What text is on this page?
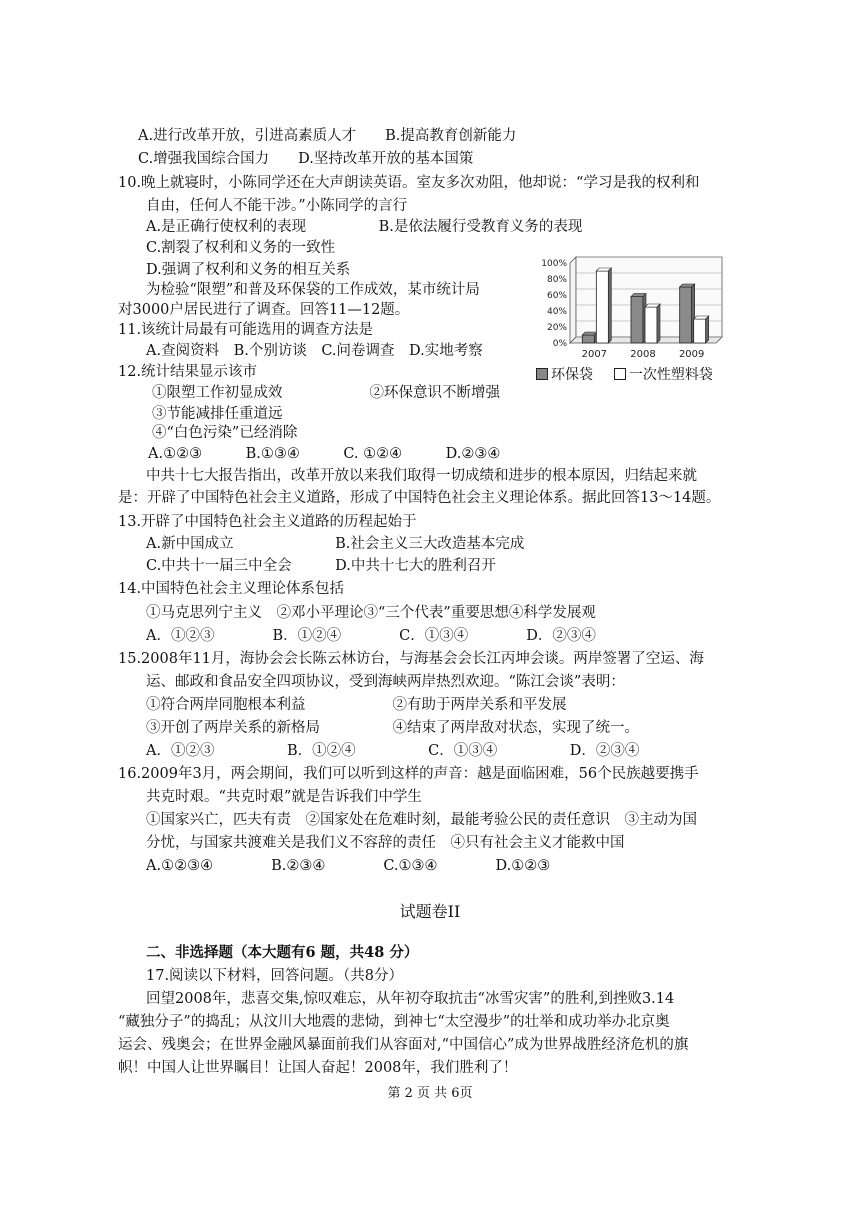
A.进行改革开放，引进高素质人才　　B.提高教育创新能力
C.增强我国综合国力　　D.坚持改革开放的基本国策
10.晚上就寝时，小陈同学还在大声朗读英语。室友多次劝阻，他却说：“学习是我的权利和
自由，任何人不能干涉。”小陈同学的言行
A.是正确行使权利的表现　　　　　B.是依法履行受教育义务的表现
C.割裂了权利和义务的一致性
D.强调了权利和义务的相互关系
为检验“限塑”和普及环保袋的工作成效，某市统计局
对3000户居民进行了调查。回答11—12题。
11.该统计局最有可能选用的调查方法是
A.查阅资料　B.个别访谈　C.问卷调查　D.实地考察
12.统计结果显示该市
①限塑工作初显成效　　　　　　②环保意识不断增强
③节能减排任重道远
④“白色污染”已经消除
A.①②③　　　B.①③④　　　C. ①②④　　　D.②③④
中共十七大报告指出，改革开放以来我们取得一切成绩和进步的根本原因，归结起来就
是：开辟了中国特色社会主义道路，形成了中国特色社会主义理论体系。据此回答13～14题。
13.开辟了中国特色社会主义道路的历程起始于
A.新中国成立　　　　　　　B.社会主义三大改造基本完成
C.中共十一届三中全会　　　D.中共十七大的胜利召开
14.中国特色社会主义理论体系包括
①马克思列宁主义　②邓小平理论③“三个代表”重要思想④科学发展观
A．①②③　　　　B．①②④　　　　C．①③④　　　　D．②③④
15.2008年11月，海协会会长陈云林访台，与海基会会长江丙坤会谈。两岸签署了空运、海
运、邮政和食品安全四项协议，受到海峡两岸热烈欢迎。“陈江会谈”表明：
①符合两岸同胞根本利益　　　　　　②有助于两岸关系和平发展
③开创了两岸关系的新格局　　　　　④结束了两岸敌对状态，实现了统一。
A．①②③　　　　　B．①②④　　　　　C．①③④　　　　　D．②③④
16.2009年3月，两会期间，我们可以听到这样的声音：越是面临困难，56个民族越要携手
共克时艰。“共克时艰”就是告诉我们中学生
①国家兴亡，匹夫有责　②国家处在危难时刻，最能考验公民的责任意识　③主动为国
分忧，与国家共渡难关是我们义不容辞的责任　④只有社会主义才能救中国
A.①②③④　　　　B.②③④　　　　C.①③④　　　　D.①②③
试题卷II
二、非选择题（本大题有6 题，共48 分）
17.阅读以下材料，回答问题。（共8分）
回望2008年，悲喜交集,惊叹难忘，从年初夺取抗击“冰雪灾害”的胜利,到挫败3.14
“藏独分子”的捣乱；从汶川大地震的悲恸，到神七“太空漫步”的壮举和成功举办北京奥
运会、残奥会；在世界金融风暴面前我们从容面对,“中国信心”成为世界战胜经济危机的旗
帜！中国人让世界瞩目！让国人奋起！2008年，我们胜利了！
第 2 页 共 6页
0%
20%
40%
60%
80%
100%
2007 2008 2009
环保袋	一次性塑料袋
